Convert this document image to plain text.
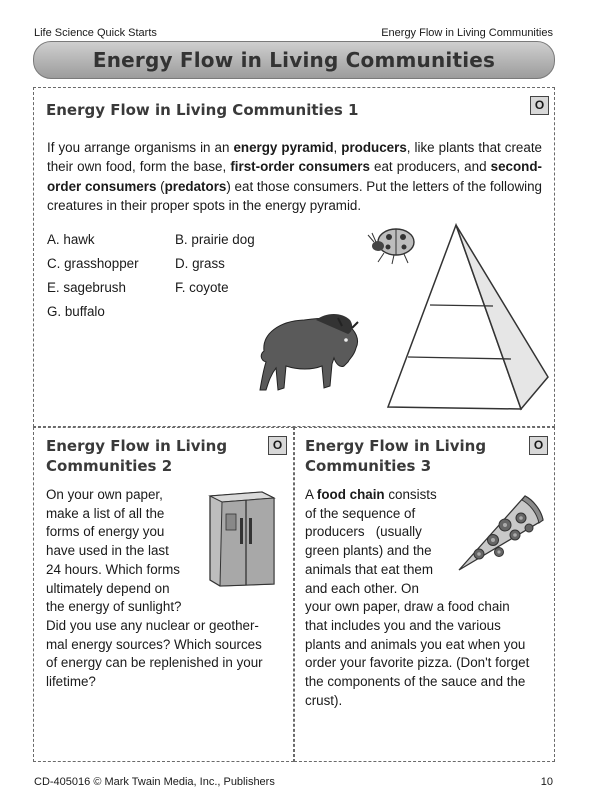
Life Science Quick Starts	Energy Flow in Living Communities
Energy Flow in Living Communities
Energy Flow in Living Communities 1	O
If you arrange organisms in an energy pyramid, producers, like plants that create their own food, form the base, first-order consumers eat producers, and second-order consumers (predators) eat those consumers. Put the letters of the following creatures in their proper spots in the energy pyramid.
A. hawk
C. grasshopper
E. sagebrush
G. buffalo
B. prairie dog
D. grass
F. coyote
Energy Flow in Living
Communities 2
O
On your own paper,
make a list of all the
forms of energy you
have used in the last
24 hours. Which forms
ultimately depend on
the energy of sunlight?
Did you use any nuclear or geother-
mal energy sources? Which sources
of energy can be replenished in your
lifetime?
Energy Flow in Living
Communities 3
O
A food chain consists
of the sequence of
producers   (usually
green plants) and the
animals that eat them
and each other. On
your own paper, draw a food chain
that includes you and the various
plants and animals you eat when you
order your favorite pizza. (Don't forget
the components of the sauce and the
crust).
CD-405016 © Mark Twain Media, Inc., Publishers	10
